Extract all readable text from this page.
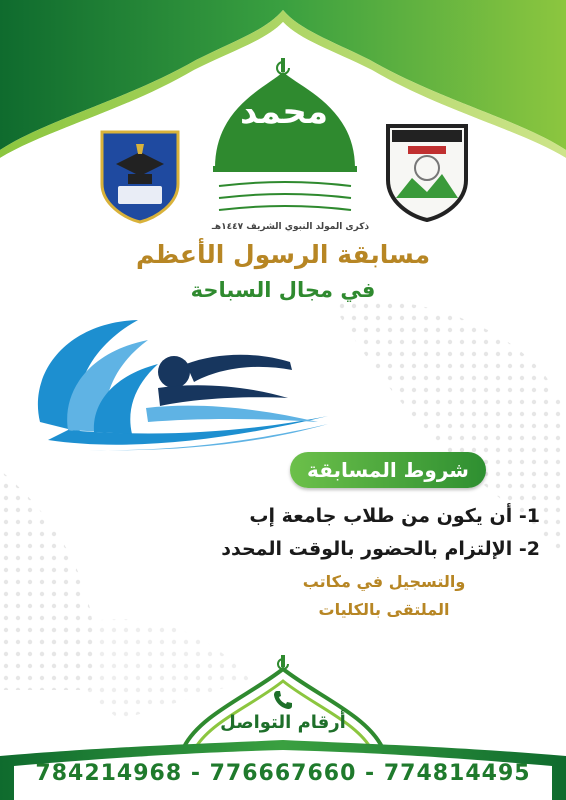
محمد
ذكرى المولد النبوي الشريف ١٤٤٧هـ
مسابقة الرسول الأعظم
في مجال السباحة
شروط المسابقة
1- أن يكون من طلاب جامعة إب
2- الإلتزام بالحضور بالوقت المحدد
والتسجيل في مكاتب
الملتقى بالكليات
أرقام التواصل
784214968 - 776667660 - 774814495
